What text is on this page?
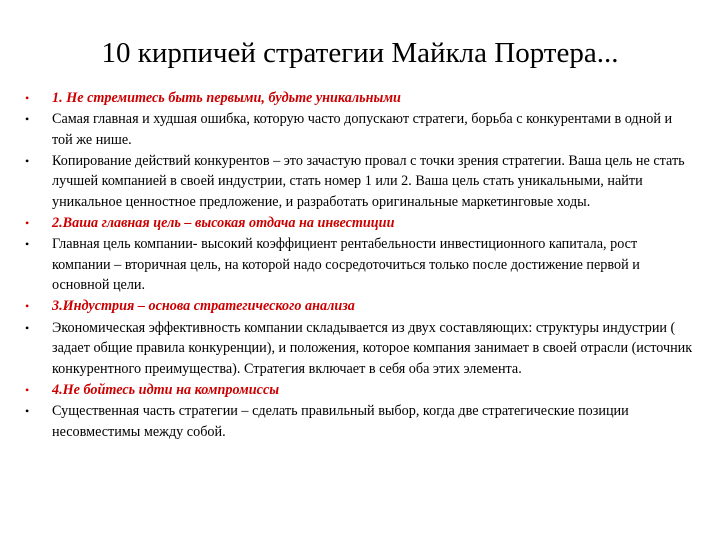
10 кирпичей стратегии Майкла Портера...
• 1. Не стремитесь быть первыми, будьте уникальными
• Самая главная и худшая ошибка, которую часто допускают стратеги, борьба с конкурентами в одной и той же нише.
• Копирование действий конкурентов – это зачастую провал с точки зрения стратегии. Ваша цель не стать лучшей компанией в своей индустрии, стать номер 1 или 2. Ваша цель стать уникальными, найти уникальное ценностное предложение, и разработать оригинальные маркетинговые ходы.
• 2.Ваша главная цель – высокая отдача на инвестиции
• Главная цель компании- высокий коэффициент рентабельности инвестиционного капитала, рост компании – вторичная цель, на которой надо сосредоточиться только после достижение первой и основной цели.
• 3.Индустрия – основа стратегического анализа
• Экономическая эффективность компании складывается из двух составляющих: структуры индустрии ( задает общие правила конкуренции), и положения, которое компания занимает в своей отрасли (источник конкурентного преимущества). Стратегия включает в себя оба этих элемента.
• 4.Не бойтесь идти на компромиссы
• Существенная часть стратегии – сделать правильный выбор, когда две стратегические позиции несовместимы между собой.
